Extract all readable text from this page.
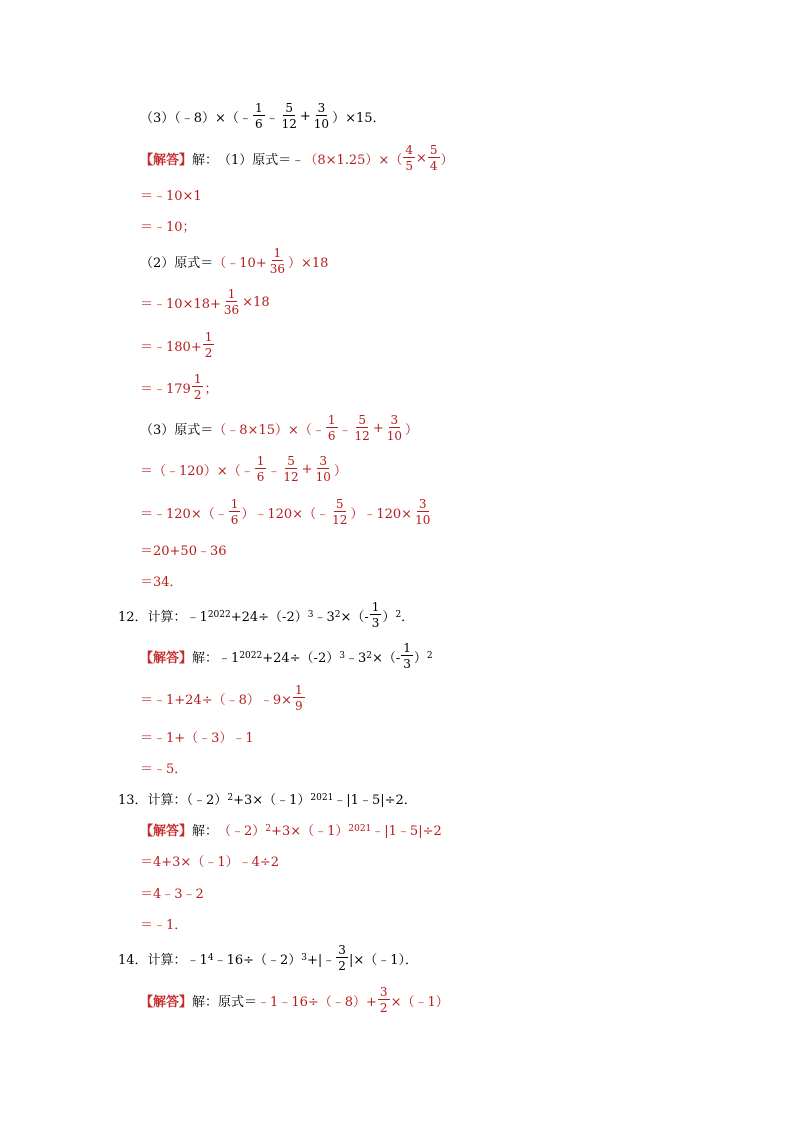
（3）（﹣8）×（﹣ $\frac{1}{6}$ ﹣ $\frac{5}{12} + \frac{3}{10} )\times 15$．
【解答】 解： （1）原式＝﹣ $(8\times 1.25)\times( \frac{4}{5} \times \frac{5}{4}$ ）
＝﹣10×1
＝﹣10；
（2）原式＝ （﹣10+ $\frac{1}{36} )\times 18$
＝﹣10×18+ $\frac{1}{36} \times 18$
＝﹣180+ $\frac{1}{2}$
＝﹣179 $\frac{1}{2}$ ；
（3）原式＝ （﹣8×15）×（﹣ $\frac{1}{6}$ ﹣ $\frac{5}{12} + \frac{3}{10}$ ）
＝（﹣120）×（﹣ $\frac{1}{6}$ ﹣ $\frac{5}{12} + \frac{3}{10}$ ）
＝﹣120×（﹣ $\frac{1}{6}$ ）﹣120×（﹣ $\frac{5}{12}$ ）﹣120× $\frac{3}{10}$
＝20+50﹣36
＝34．
12．计算：﹣1 2022 +24÷（-2） 3 ﹣3 2 ×（- $\frac{1}{3}$ ） 2 ．
【解答】 解： ﹣1 2022 +24÷（-2） 3 ﹣3 2 ×（- $\frac{1}{3}$ ） 2
＝﹣1+24÷（﹣8）﹣9× $\frac{1}{9}$
＝﹣1+（﹣3）﹣1
＝﹣5．
13．计算：（﹣2） 2 +3×（﹣1） 2021 ﹣|1﹣5|÷2．
【解答】 解： （﹣2） 2 +3×（﹣1） 2021 ﹣|1﹣5|÷2
＝4+3×（﹣1）﹣4÷2
＝4﹣3﹣2
＝﹣1．
14．计算：﹣1 4 ﹣16÷（﹣2） 3 +|﹣ $\frac{3}{2}$ |×（﹣1）．
【解答】 解： 原式＝ ﹣1﹣16÷（﹣8）+ $\frac{3}{2}$ ×（﹣1）
